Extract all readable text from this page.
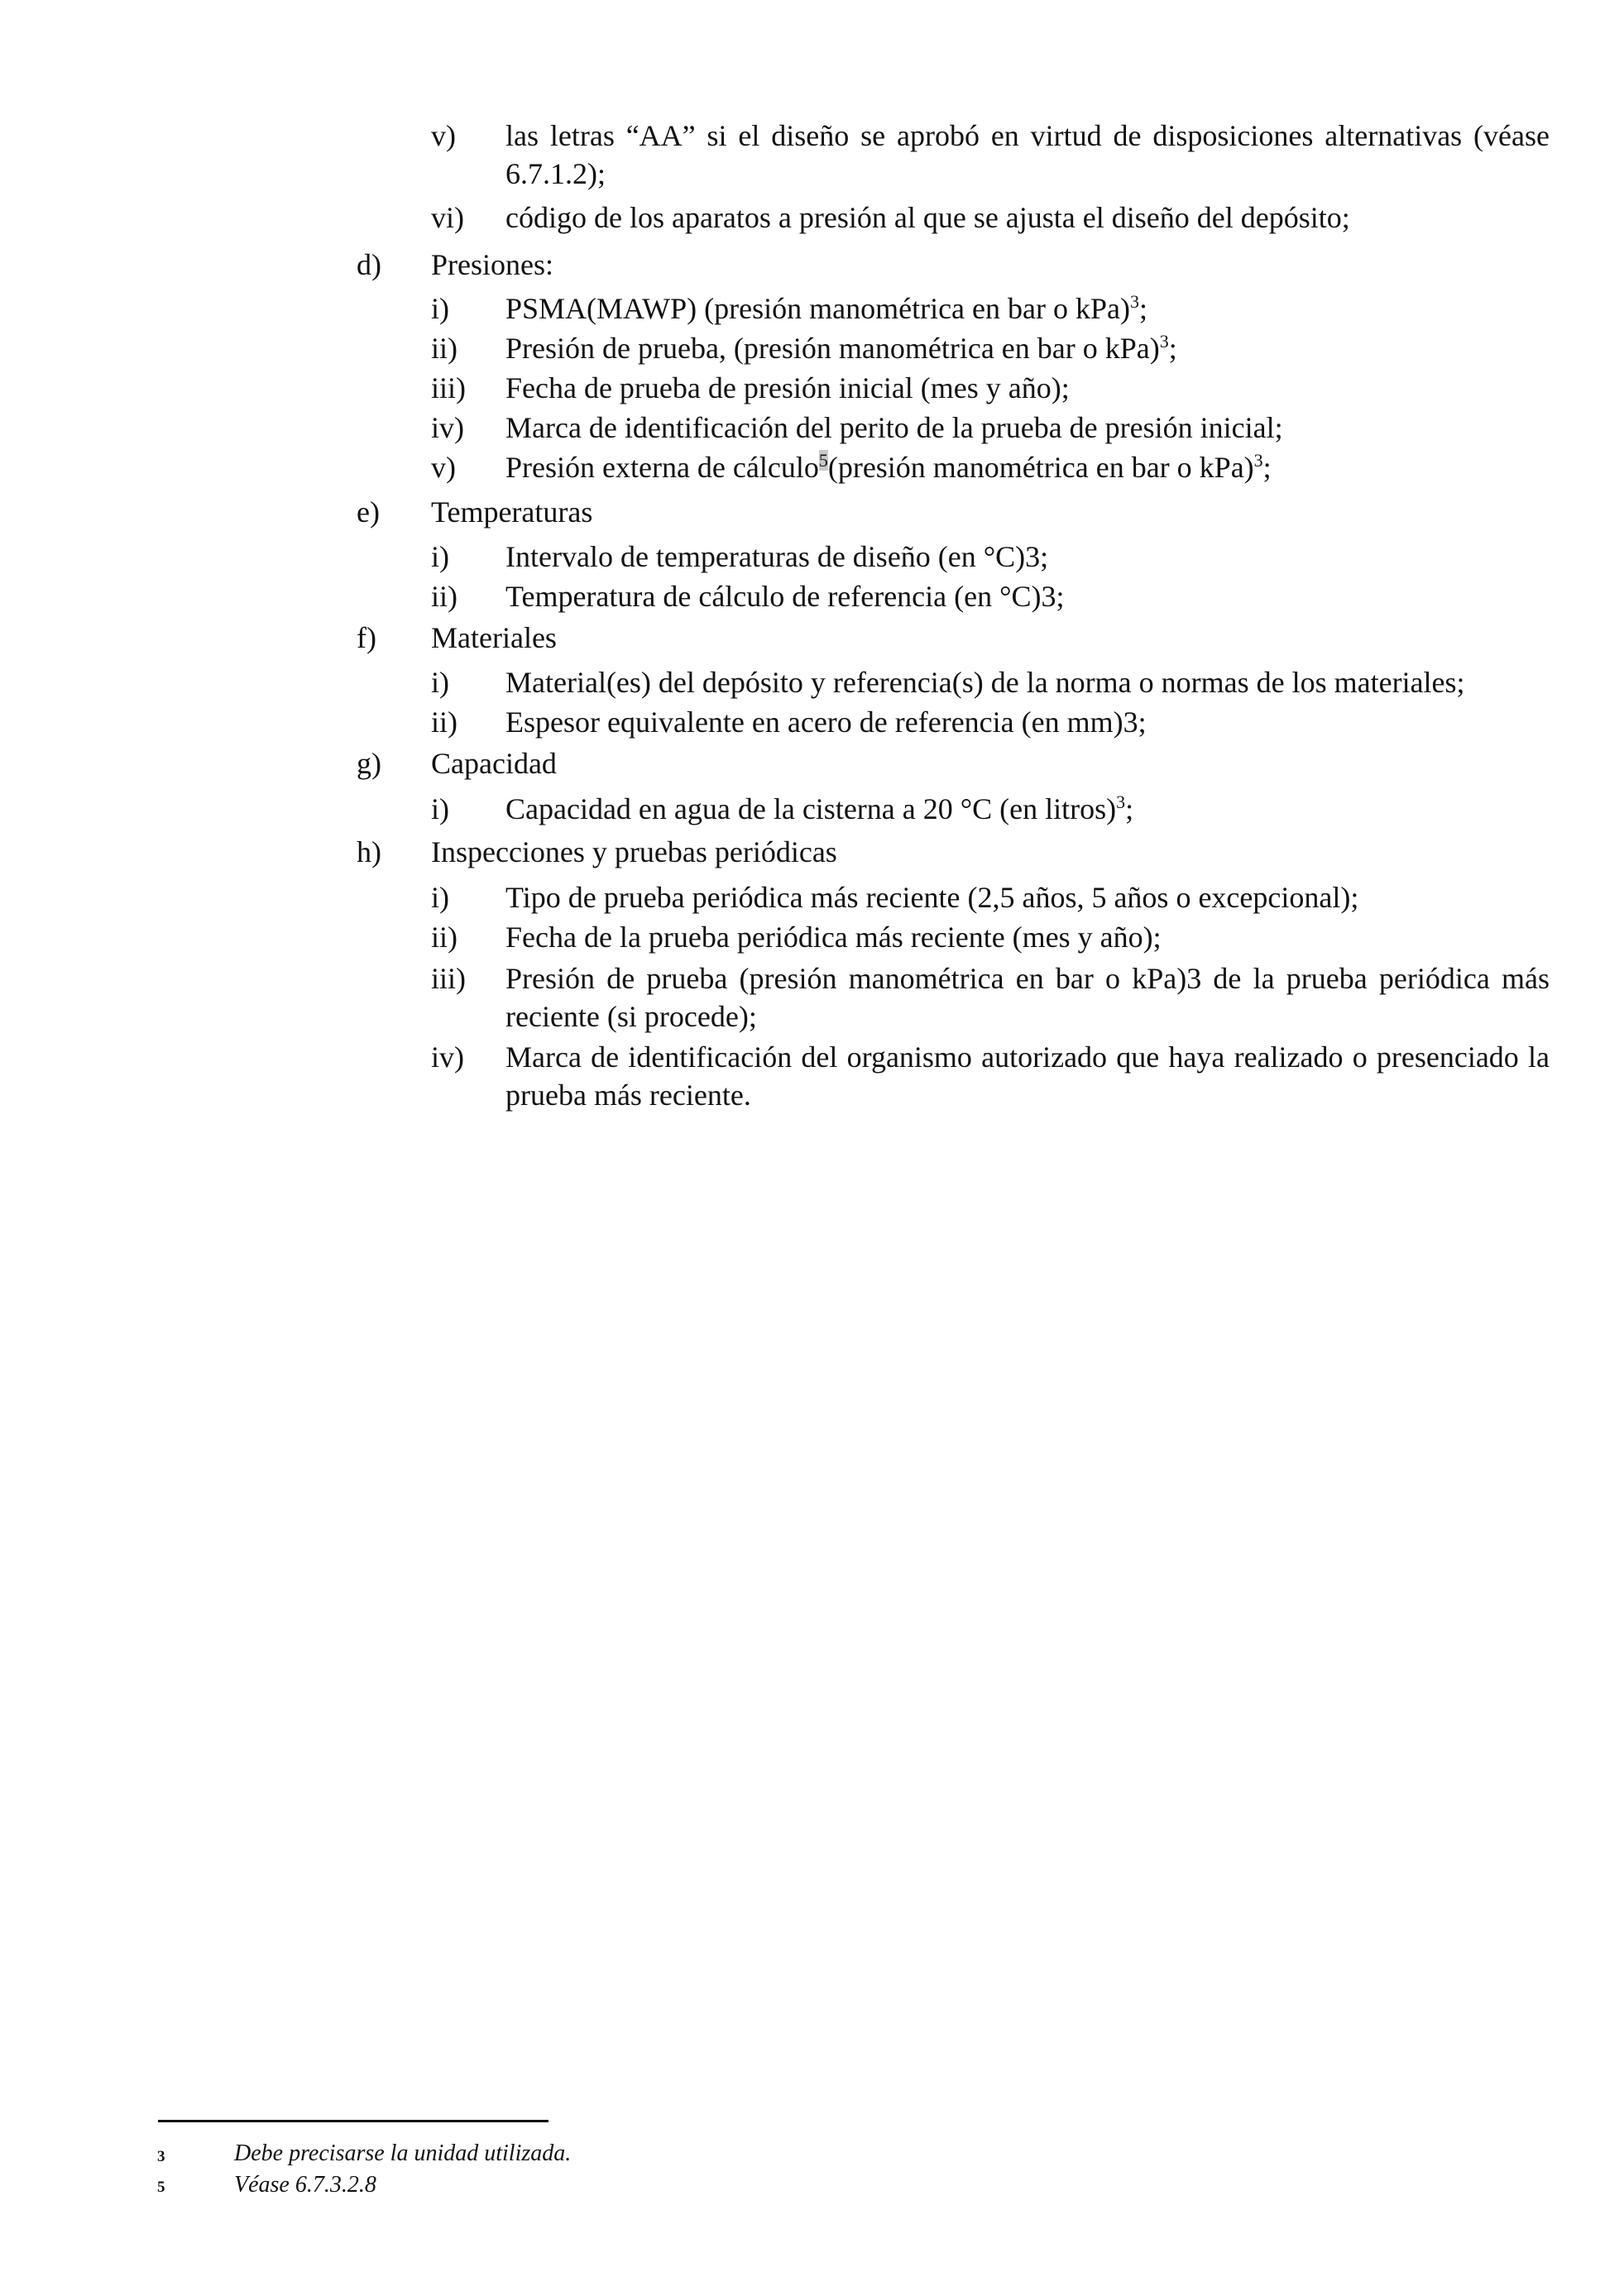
v) las letras “AA” si el diseño se aprobó en virtud de disposiciones alternativas (véase 6.7.1.2);
vi) código de los aparatos a presión al que se ajusta el diseño del depósito;
d) Presiones:
i) PSMA(MAWP) (presión manométrica en bar o kPa)$^3$;
ii) Presión de prueba, (presión manométrica en bar o kPa)$^3$;
iii) Fecha de prueba de presión inicial (mes y año);
iv) Marca de identificación del perito de la prueba de presión inicial;
v) Presión externa de cálculo$^5$(presión manométrica en bar o kPa)$^3$;
e) Temperaturas
i) Intervalo de temperaturas de diseño (en °C)3;
ii) Temperatura de cálculo de referencia (en °C)3;
f) Materiales
i) Material(es) del depósito y referencia(s) de la norma o normas de los materiales;
ii) Espesor equivalente en acero de referencia (en mm)3;
g) Capacidad
i) Capacidad en agua de la cisterna a 20 °C (en litros)$^3$;
h) Inspecciones y pruebas periódicas
i) Tipo de prueba periódica más reciente (2,5 años, 5 años o excepcional);
ii) Fecha de la prueba periódica más reciente (mes y año);
iii) Presión de prueba (presión manométrica en bar o kPa)3 de la prueba periódica más reciente (si procede);
iv) Marca de identificación del organismo autorizado que haya realizado o presenciado la prueba más reciente.
3	Debe precisarse la unidad utilizada.
5	Véase 6.7.3.2.8
